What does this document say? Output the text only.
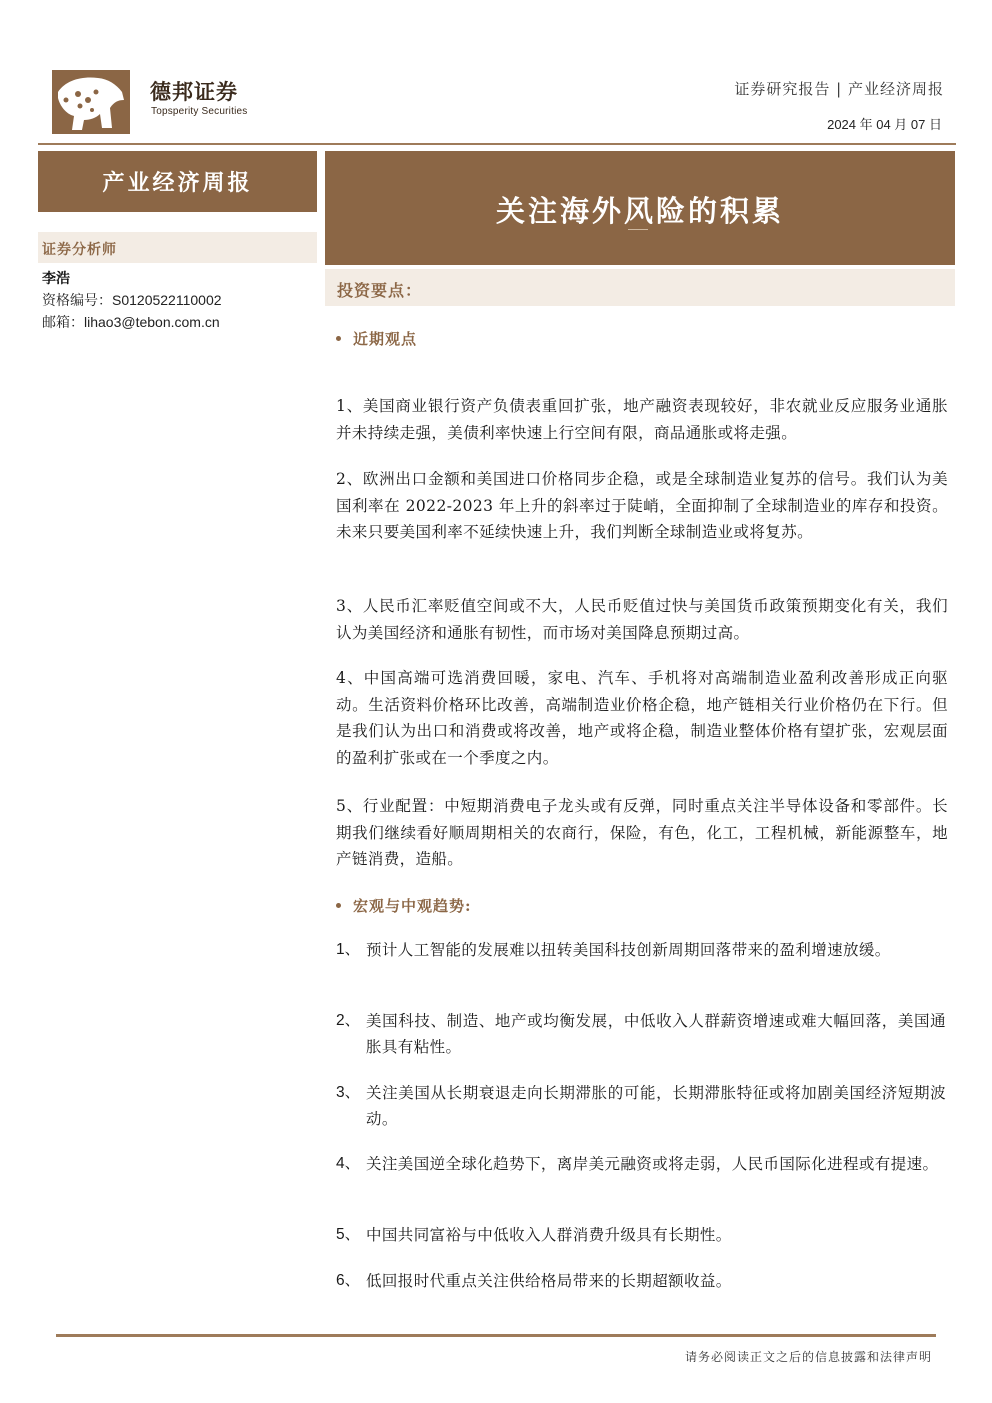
德邦证券
Topsperity Securities
证券研究报告 | 产业经济周报
2024 年 04 月 07 日
产业经济周报
证券分析师
李浩
资格编号：S0120522110002
邮箱：lihao3@tebon.com.cn
关注海外风险的积累
投资要点：
近期观点
1、美国商业银行资产负债表重回扩张，地产融资表现较好，非农就业反应服务业通胀并未持续走强，美债利率快速上行空间有限，商品通胀或将走强。
2、欧洲出口金额和美国进口价格同步企稳，或是全球制造业复苏的信号。我们认为美国利率在 2022-2023 年上升的斜率过于陡峭，全面抑制了全球制造业的库存和投资。未来只要美国利率不延续快速上升，我们判断全球制造业或将复苏。
3、人民币汇率贬值空间或不大，人民币贬值过快与美国货币政策预期变化有关，我们认为美国经济和通胀有韧性，而市场对美国降息预期过高。
4、中国高端可选消费回暖，家电、汽车、手机将对高端制造业盈利改善形成正向驱动。生活资料价格环比改善，高端制造业价格企稳，地产链相关行业价格仍在下行。但是我们认为出口和消费或将改善，地产或将企稳，制造业整体价格有望扩张，宏观层面的盈利扩张或在一个季度之内。
5、行业配置：中短期消费电子龙头或有反弹，同时重点关注半导体设备和零部件。长期我们继续看好顺周期相关的农商行，保险，有色，化工，工程机械，新能源整车，地产链消费，造船。
宏观与中观趋势:
1、 预计人工智能的发展难以扭转美国科技创新周期回落带来的盈利增速放缓。
2、 美国科技、制造、地产或均衡发展，中低收入人群薪资增速或难大幅回落，美国通胀具有粘性。
3、 关注美国从长期衰退走向长期滞胀的可能，长期滞胀特征或将加剧美国经济短期波动。
4、 关注美国逆全球化趋势下，离岸美元融资或将走弱，人民币国际化进程或有提速。
5、 中国共同富裕与中低收入人群消费升级具有长期性。
6、 低回报时代重点关注供给格局带来的长期超额收益。
请务必阅读正文之后的信息披露和法律声明
